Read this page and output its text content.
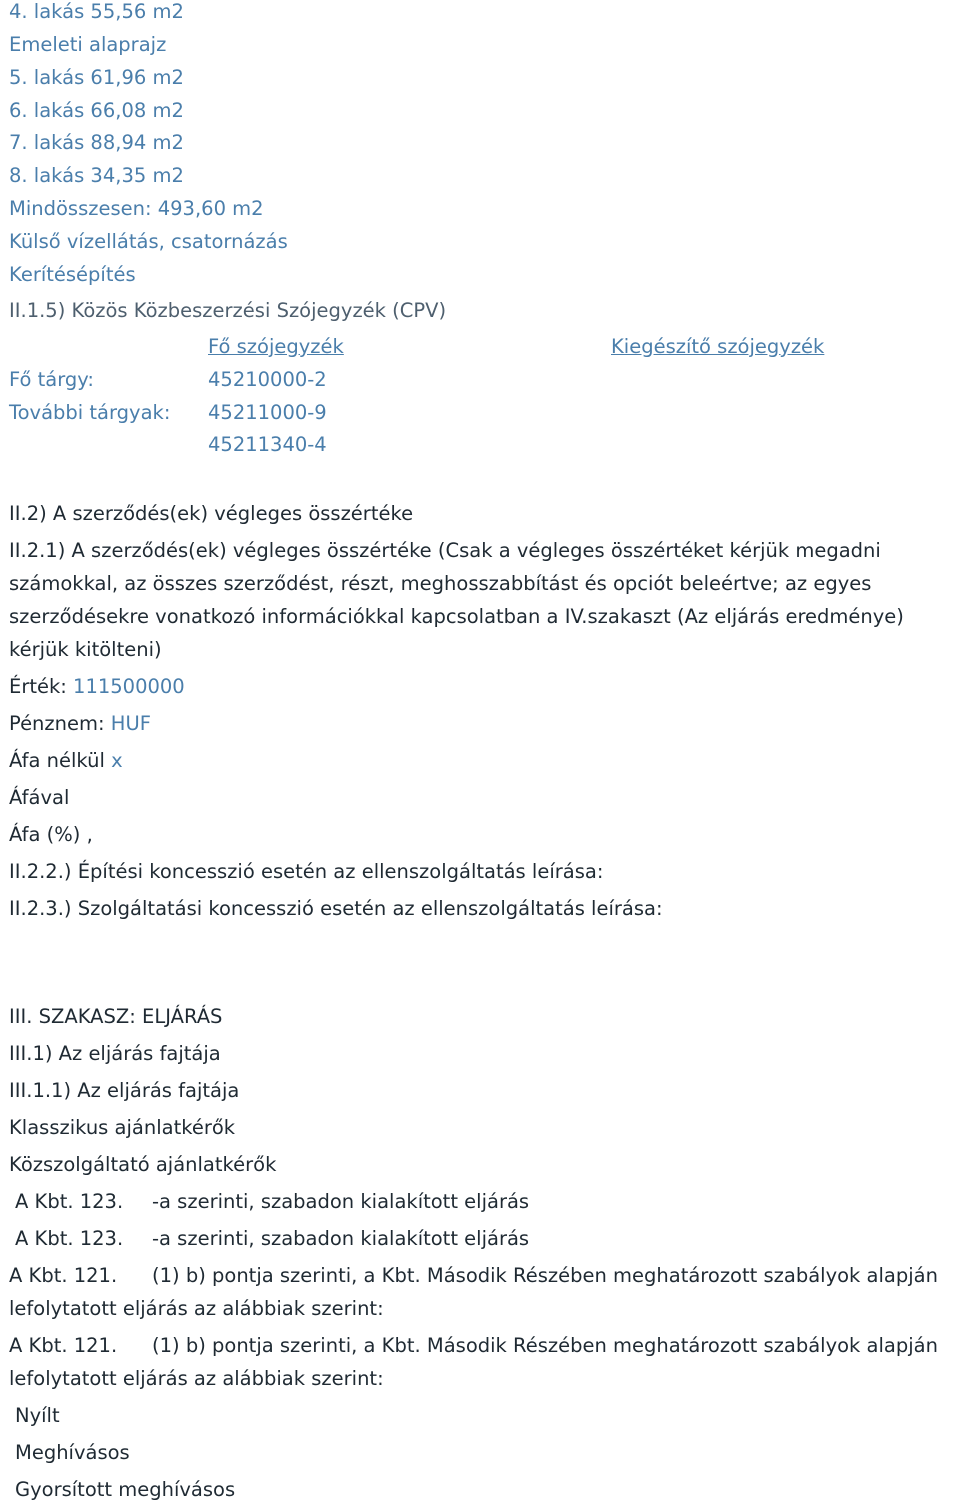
4. lakás 55,56 m2
Emeleti alaprajz
5. lakás 61,96 m2
6. lakás 66,08 m2
7. lakás 88,94 m2
8. lakás 34,35 m2
Mindösszesen: 493,60 m2
Külső vízellátás, csatornázás
Kerítésépítés
II.1.5) Közös Közbeszerzési Szójegyzék (CPV)
Fő szójegyzék	Kiegészítő szójegyzék
Fő tárgy:	45210000-2
További tárgyak: 45211000-9
45211340-4
II.2) A szerződés(ek) végleges összértéke
II.2.1) A szerződés(ek) végleges összértéke (Csak a végleges összértéket kérjük megadni
számokkal, az összes szerződést, részt, meghosszabbítást és opciót beleértve; az egyes
szerződésekre vonatkozó információkkal kapcsolatban a IV.szakaszt (Az eljárás eredménye)
kérjük kitölteni)
Érték: 111500000
Pénznem: HUF
Áfa nélkül x
Áfával
Áfa (%) ,
II.2.2.) Építési koncesszió esetén az ellenszolgáltatás leírása:
II.2.3.) Szolgáltatási koncesszió esetén az ellenszolgáltatás leírása:
III. SZAKASZ: ELJÁRÁS
III.1) Az eljárás fajtája
III.1.1) Az eljárás fajtája
Klasszikus ajánlatkérők
Közszolgáltató ajánlatkérők
A Kbt. 123. -a szerinti, szabadon kialakított eljárás
A Kbt. 123. -a szerinti, szabadon kialakított eljárás
A Kbt. 121. (1) b) pontja szerinti, a Kbt. Második Részében meghatározott szabályok alapján
lefolytatott eljárás az alábbiak szerint:
A Kbt. 121. (1) b) pontja szerinti, a Kbt. Második Részében meghatározott szabályok alapján
lefolytatott eljárás az alábbiak szerint:
Nyílt
Meghívásos
Gyorsított meghívásos
